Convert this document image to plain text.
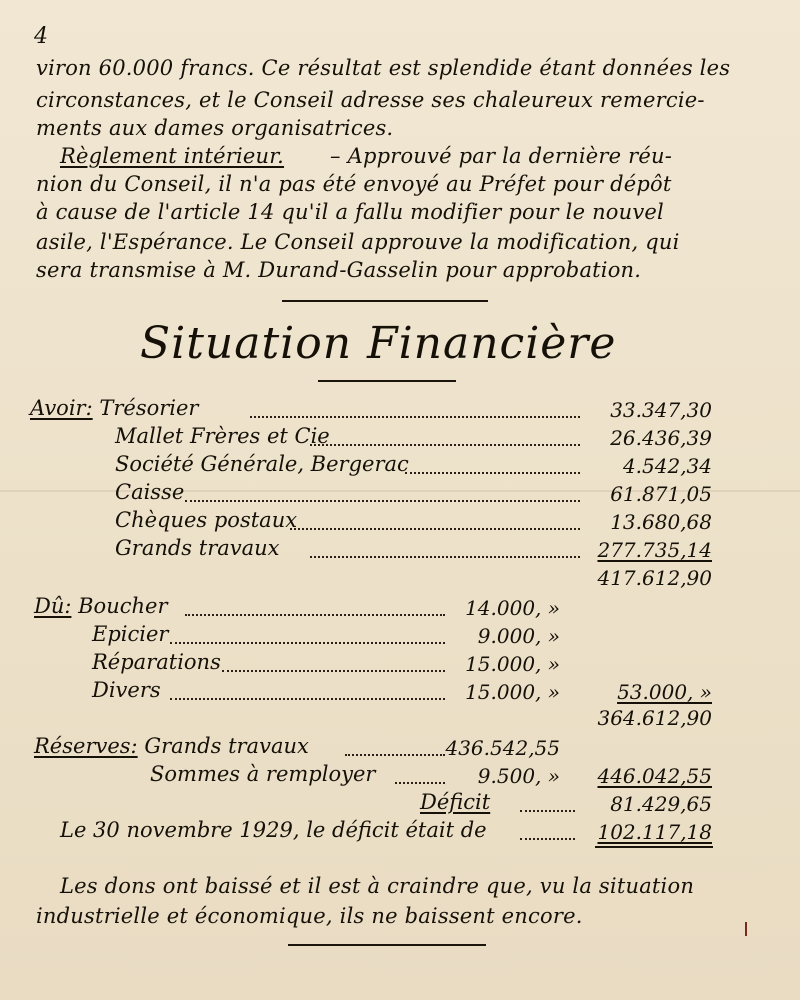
4
viron 60.000 francs. Ce résultat est splendide étant données les
circonstances, et le Conseil adresse ses chaleureux remercie-
ments aux dames organisatrices.
Règlement intérieur. – Approuvé par la dernière réu-
nion du Conseil, il n'a pas été envoyé au Préfet pour dépôt
à cause de l'article 14 qu'il a fallu modifier pour le nouvel
asile, l'Espérance. Le Conseil approuve la modification, qui
sera transmise à M. Durand-Gasselin pour approbation.
Situation Financière
Avoir: Trésorier	33.347,30
Mallet Frères et Cie	26.436,39
Société Générale, Bergerac	4.542,34
Caisse	61.871,05
Chèques postaux	13.680,68
Grands travaux	277.735,14
417.612,90
Dû: Boucher	14.000, »
Epicier	9.000, »
Réparations	15.000, »
Divers	15.000, »	53.000, »
364.612,90
Réserves: Grands travaux	436.542,55
Sommes à remployer	9.500, » 446.042,55
Déficit	81.429,65
Le 30 novembre 1929, le déficit était de	102.117,18
Les dons ont baissé et il est à craindre que, vu la situation
industrielle et économique, ils ne baissent encore.
